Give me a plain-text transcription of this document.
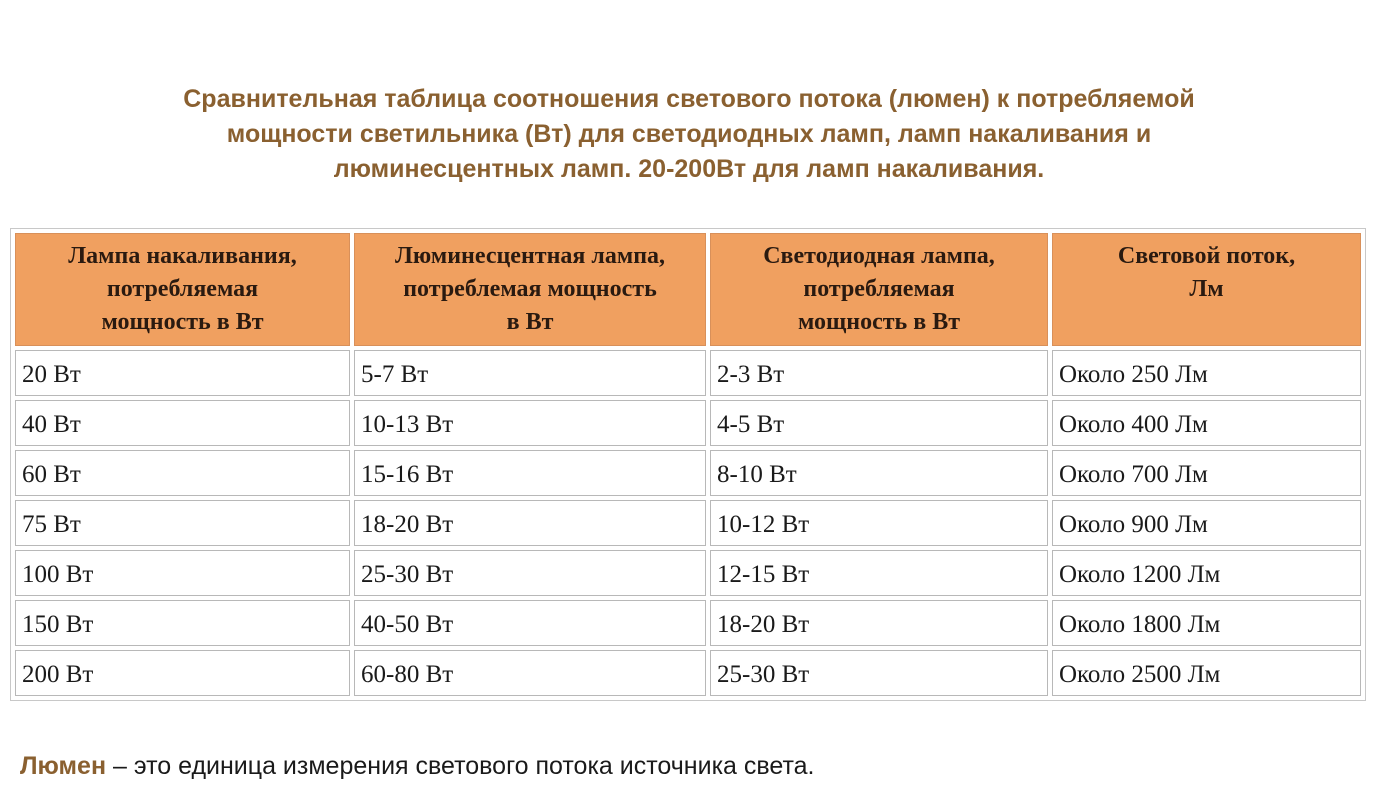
Сравнительная таблица соотношения светового потока (люмен) к потребляемой
мощности светильника (Вт) для светодиодных ламп, ламп накаливания и
люминесцентных ламп. 20-200Вт для ламп накаливания.
Лампа накаливания,
потребляемая
мощность в Вт	Люминесцентная лампа,
потреблемая мощность
в Вт	Светодиодная лампа,
потребляемая
мощность в Вт	Световой поток,
Лм

20 Вт	5-7 Вт	2-3 Вт	Около 250 Лм
40 Вт	10-13 Вт	4-5 Вт	Около 400 Лм
60 Вт	15-16 Вт	8-10 Вт	Около 700 Лм
75 Вт	18-20 Вт	10-12 Вт	Около 900 Лм
100 Вт	25-30 Вт	12-15 Вт	Около 1200 Лм
150 Вт	40-50 Вт	18-20 Вт	Около 1800 Лм
200 Вт	60-80 Вт	25-30 Вт	Около 2500 Лм
Люмен – это единица измерения светового потока источника света.
